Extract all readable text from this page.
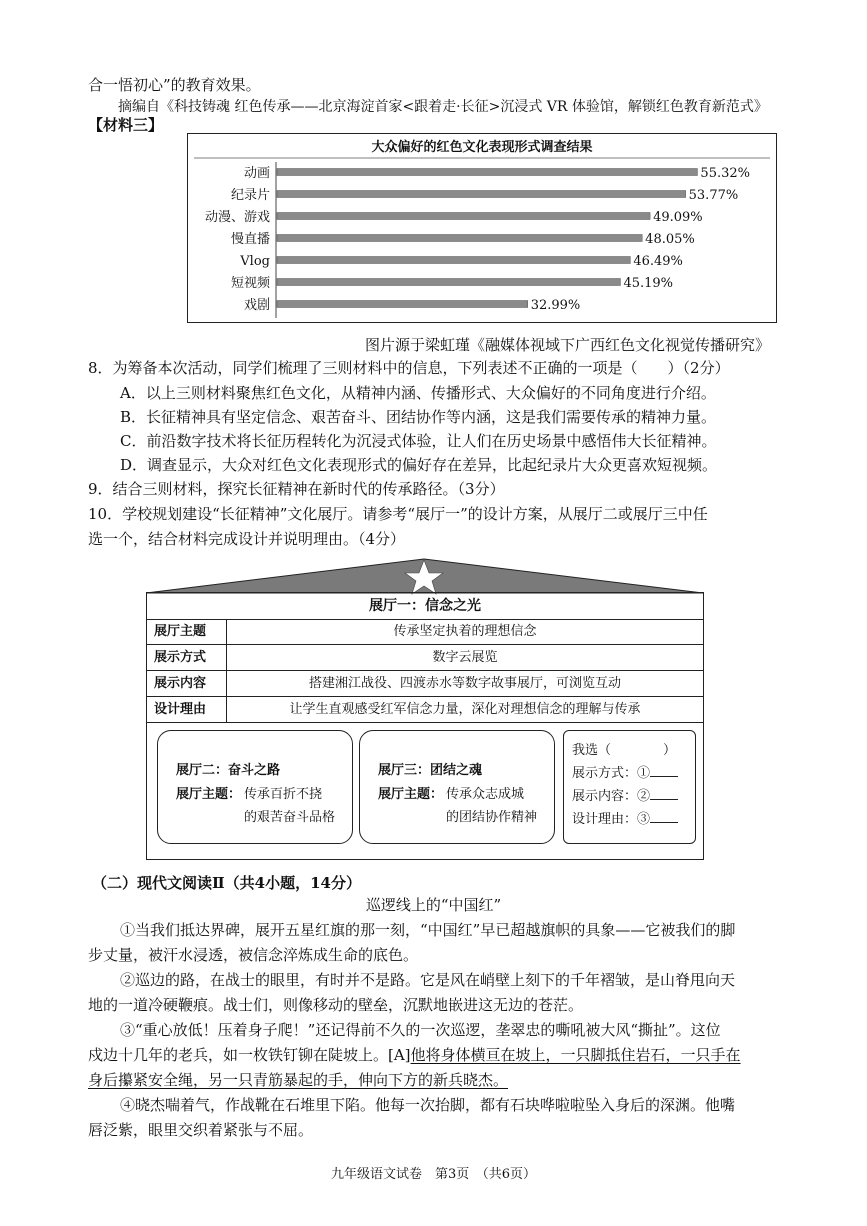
合一悟初心”的教育效果。
摘编自《科技铸魂 红色传承——北京海淀首家<跟着走·长征>沉浸式 VR 体验馆，解锁红色教育新范式》
【材料三】
大众偏好的红色文化表现形式调查结果
动画	55.32%
纪录片	53.77%
动漫、游戏	49.09%
慢直播	48.05%
Vlog	46.49%
短视频	45.19%
戏剧	32.99%
图片源于梁虹瑾《融媒体视域下广西红色文化视觉传播研究》
8．为筹备本次活动，同学们梳理了三则材料中的信息，下列表述不正确的一项是（　　）（2分）
A．以上三则材料聚焦红色文化，从精神内涵、传播形式、大众偏好的不同角度进行介绍。
B．长征精神具有坚定信念、艰苦奋斗、团结协作等内涵，这是我们需要传承的精神力量。
C．前沿数字技术将长征历程转化为沉浸式体验，让人们在历史场景中感悟伟大长征精神。
D．调查显示，大众对红色文化表现形式的偏好存在差异，比起纪录片大众更喜欢短视频。
9．结合三则材料，探究长征精神在新时代的传承路径。（3分）
10．学校规划建设“长征精神”文化展厅。请参考“展厅一”的设计方案，从展厅二或展厅三中任
选一个，结合材料完成设计并说明理由。（4分）
展厅一：信念之光
展厅主题	传承坚定执着的理想信念
展示方式	数字云展览
展示内容	搭建湘江战役、四渡赤水等数字故事展厅，可浏览互动
设计理由	让学生直观感受红军信念力量，深化对理想信念的理解与传承
展厅二：奋斗之路
展厅主题： 传承百折不挠
的艰苦奋斗品格
展厅三：团结之魂
展厅主题： 传承众志成城
的团结协作精神
我选（　　　　）
展示方式：①
展示内容：②
设计理由：③
（二）现代文阅读Ⅱ（共4小题，14分）
巡逻线上的“中国红”
①当我们抵达界碑，展开五星红旗的那一刻，“中国红”早已超越旗帜的具象——它被我们的脚
步丈量，被汗水浸透，被信念淬炼成生命的底色。
②巡边的路，在战士的眼里，有时并不是路。它是风在峭壁上刻下的千年褶皱，是山脊甩向天
地的一道冷硬鞭痕。战士们，则像移动的壁垒，沉默地嵌进这无边的苍茫。
③“重心放低！压着身子爬！”还记得前不久的一次巡逻，垄翠忠的嘶吼被大风“撕扯”。这位
戍边十几年的老兵，如一枚铁钉铆在陡坡上。[A]他将身体横亘在坡上，一只脚抵住岩石，一只手在
身后攥紧安全绳，另一只青筋暴起的手，伸向下方的新兵晓杰。
④晓杰喘着气，作战靴在石堆里下陷。他每一次抬脚，都有石块哗啦啦坠入身后的深渊。他嘴
唇泛紫，眼里交织着紧张与不屈。
九年级语文试卷　第3页　（共6页）
